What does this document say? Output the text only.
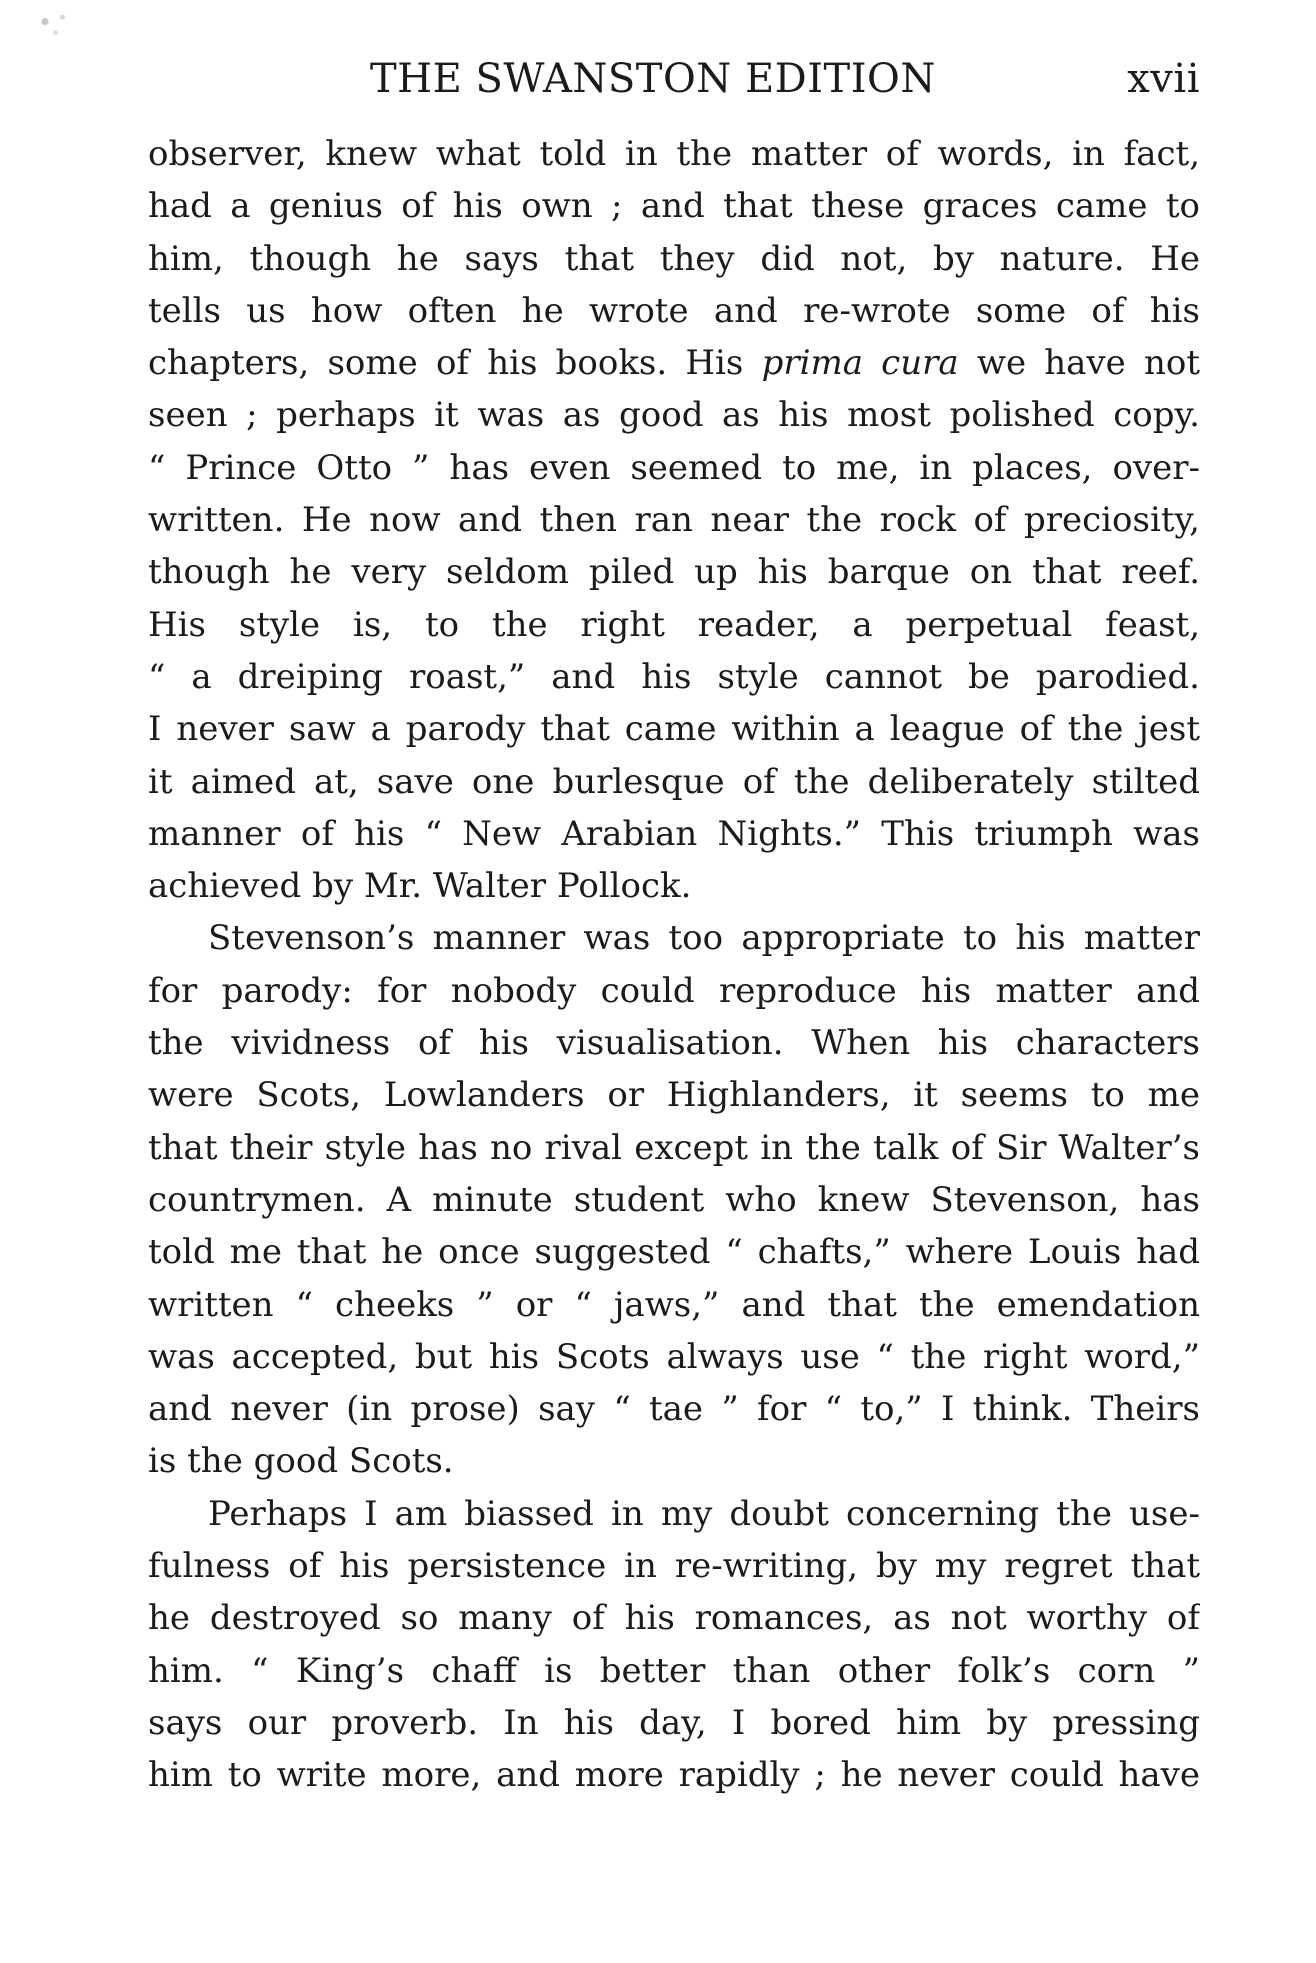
THE SWANSTON EDITION	xvii
observer, knew what told in the matter of words, in fact,
had a genius of his own ; and that these graces came to
him, though he says that they did not, by nature. He
tells us how often he wrote and re-wrote some of his
chapters, some of his books. His prima cura we have not
seen ; perhaps it was as good as his most polished copy.
“ Prince Otto ” has even seemed to me, in places, over-
written. He now and then ran near the rock of preciosity,
though he very seldom piled up his barque on that reef.
His style is, to the right reader, a perpetual feast,
“ a dreiping roast,” and his style cannot be parodied.
I never saw a parody that came within a league of the jest
it aimed at, save one burlesque of the deliberately stilted
manner of his “ New Arabian Nights.” This triumph was
achieved by Mr. Walter Pollock.
Stevenson’s manner was too appropriate to his matter
for parody: for nobody could reproduce his matter and
the vividness of his visualisation. When his characters
were Scots, Lowlanders or Highlanders, it seems to me
that their style has no rival except in the talk of Sir Walter’s
countrymen. A minute student who knew Stevenson, has
told me that he once suggested “ chafts,” where Louis had
written “ cheeks ” or “ jaws,” and that the emendation
was accepted, but his Scots always use “ the right word,”
and never (in prose) say “ tae ” for “ to,” I think. Theirs
is the good Scots.
Perhaps I am biassed in my doubt concerning the use-
fulness of his persistence in re-writing, by my regret that
he destroyed so many of his romances, as not worthy of
him. “ King’s chaff is better than other folk’s corn ”
says our proverb. In his day, I bored him by pressing
him to write more, and more rapidly ; he never could have
